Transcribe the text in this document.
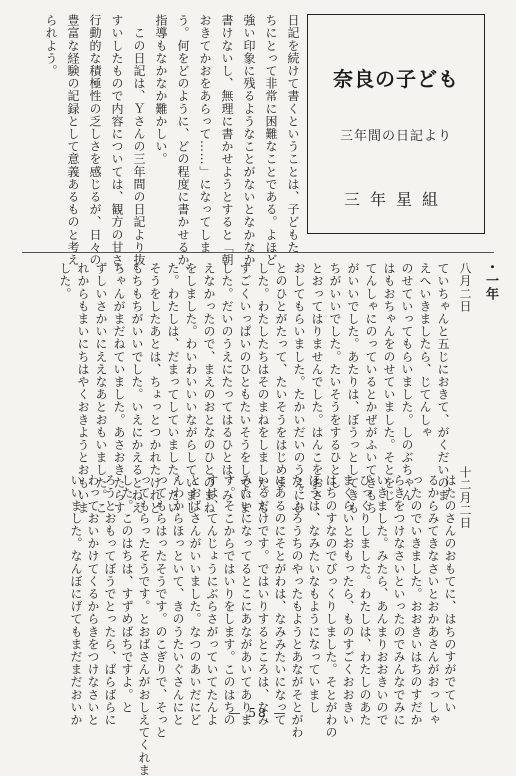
奈良の子ども
三年間の日記より
三年星組
日記を続けて書くということは、子どもた
ちにとって非常に困難なことである。よほど
強い印象に残るようなことがないとなかなか
書けないし、無理に書かせようとすると「朝
おきてかおをあらって……」になってしま
う。何をどのように、どの程度に書かせるか、
指導もなかなか難かしい。
　この日記は、Ｙさんの三年間の日記より抜
すいしたもので内容については、観方の甘さ、
行動的な積極性の乏しさを感じるが、日々の
豊富な経験の記録として意義あるものと考え
られよう。
・一年
十二月二日
はたのさんのおもてに、はちのすがでてい
るからみてきなさいとおかあさんがおっしゃ
ったのでいきました。おおきいはちのすだか
らきをつけなさいといったのでみんなでみに
いきました。みたら、あんまりおおきいので
びっくりしました。わたしは、わたしのあた
まぐらいとおもったら、ものすごくおおきい
はちのすなのでびっくりしました。そとがわの
ほうは、なみたいなもようになっていまし
た。ふろうちのやったもようとあながそとがわ
にあるのにそとがわは、なみみたいになって
いるだけです。ではいりするところは、なみ
みたいになってるとこにあながあいてありま
す。そこからではいりをします。このはちの
すは、てんじょうにぶらさがっていてたんよ
とおばさんがいいました。なつのあいだにど
んわからほっといて、きのうたいぐさんにと
ってもらはったそうです。のこぎりで、そっと
ってもらったそうです。とおばさんがおしえてくれま
した。このはちは、すずめばちですよ。と
ろうとおもってぼうでとったら、ばらばらに
わっておいかけてくるからきをつけなさいと
いいました。なんぼにげてもまだまだおいか
八月二日
ていちゃんと五じにおきて、がくだいのま
えへいきましたら、じてんしゃ
のせていってもらいました。しのぶちゃん
はもおちゃんをのせていました。そとをじ
てんしゃにのっているとかぜがふいてきもち
がいいでした。あたりは、ぼうっとしてきも
ちがいいでした。たいそうをするひとし
とおってはりませんでした。はんこをおさ
おしてもらいました。たかいだいのうえにひ
とのひとがたって、たいそうをはじめま
した。わたしたちはそのまねをしました。も
すごくいっぱいのひともたいそうをしていま
した。だいのうえにたってはるひとは、み
えなかったので、まえのおとなのひとのまね
をしました。わいわいいいながらしていまし
た。わたしは、だまってしていました。たい
そうをしたあとは、ちょっとつかれたけれど
もちもちがいいでした。いえにかえるとねえ
ちゃんがまだねていました。あさおきたらす
ずしいさかいにええなあとおもいました。こ
れからもまいにちはやくおきようとおもいま
した。
— 58 —
